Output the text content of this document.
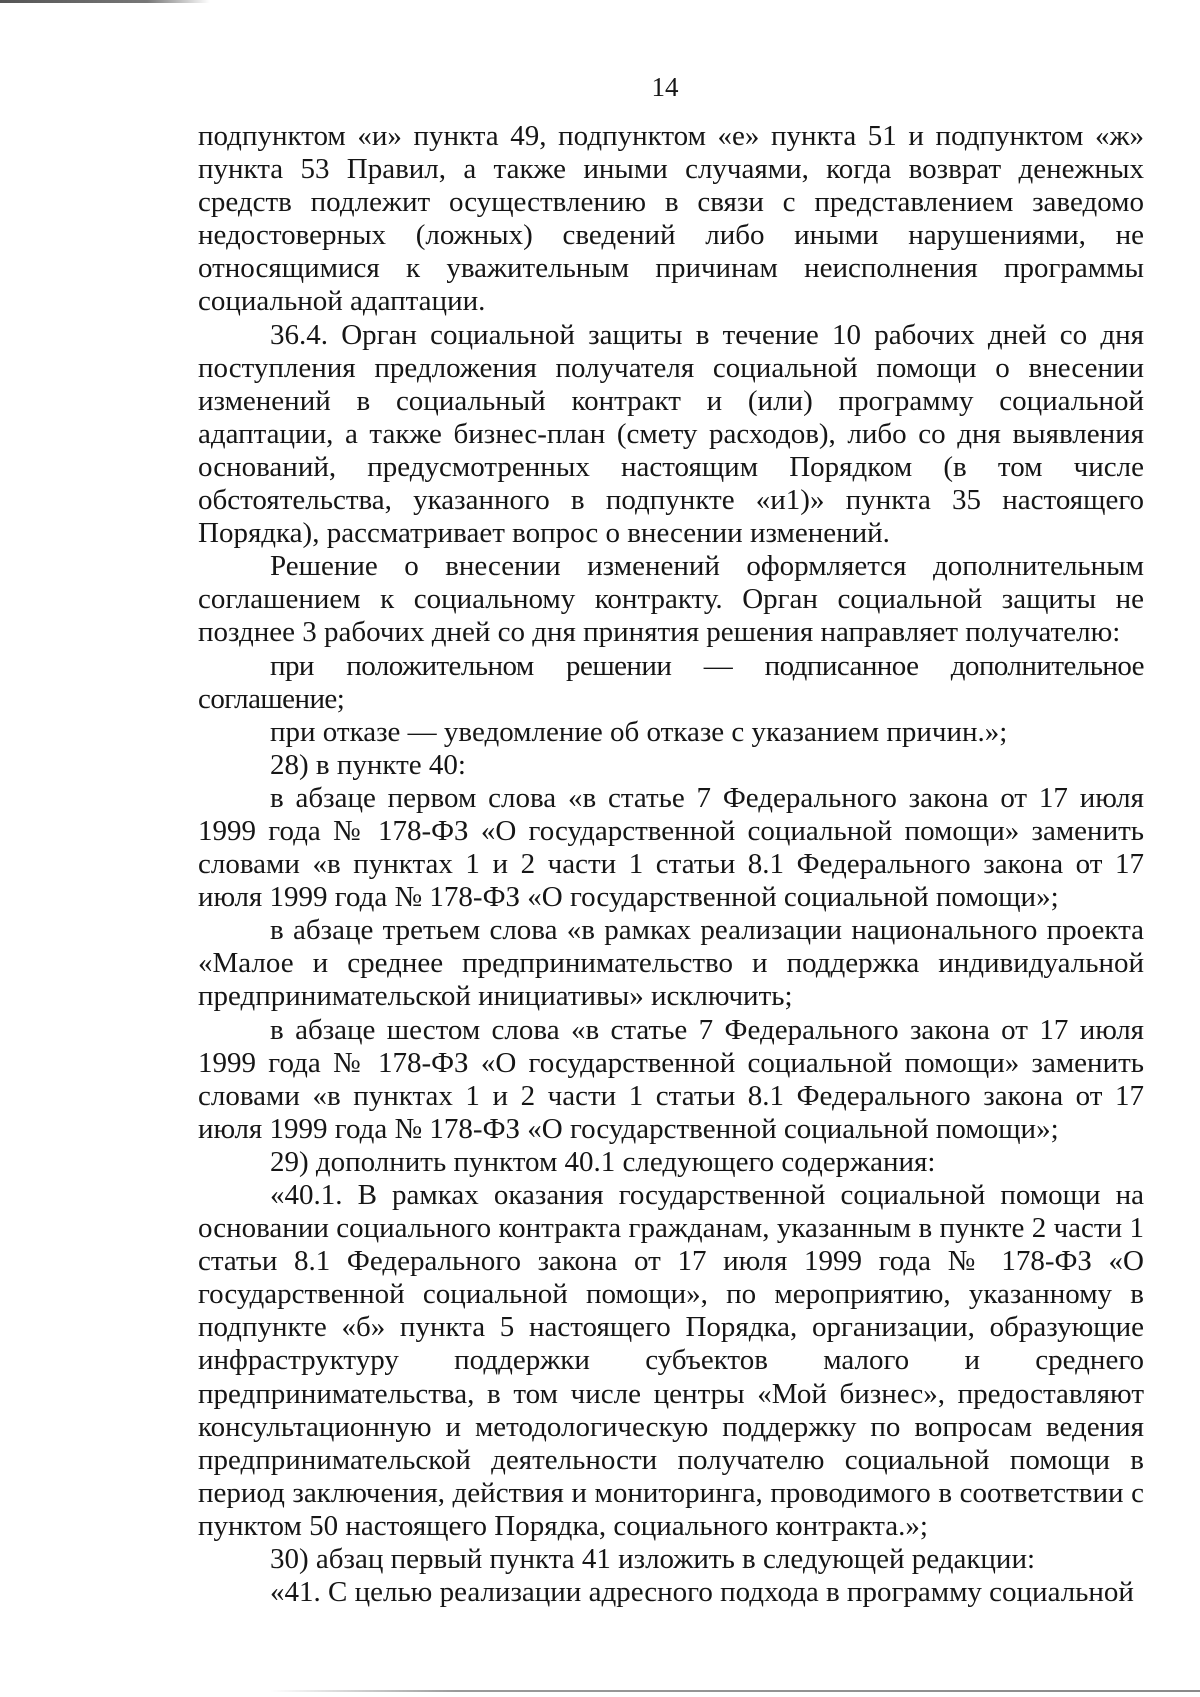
14

подпунктом «и» пункта 49, подпунктом «е» пункта 51 и подпунктом «ж» пункта 53 Правил, а также иными случаями, когда возврат денежных средств подлежит осуществлению в связи с представлением заведомо недостоверных (ложных) сведений либо иными нарушениями, не относящимися к уважительным причинам неисполнения программы социальной адаптации.

36.4. Орган социальной защиты в течение 10 рабочих дней со дня поступления предложения получателя социальной помощи о внесении изменений в социальный контракт и (или) программу социальной адаптации, а также бизнес-план (смету расходов), либо со дня выявления оснований, предусмотренных настоящим Порядком (в том числе обстоятельства, указанного в подпункте «и1)» пункта 35 настоящего Порядка), рассматривает вопрос о внесении изменений.

Решение о внесении изменений оформляется дополнительным соглашением к социальному контракту. Орган социальной защиты не позднее 3 рабочих дней со дня принятия решения направляет получателю:

при положительном решении — подписанное дополнительное соглашение;

при отказе — уведомление об отказе с указанием причин.»;

28) в пункте 40:

в абзаце первом слова «в статье 7 Федерального закона от 17 июля 1999 года № 178-ФЗ «О государственной социальной помощи» заменить словами «в пунктах 1 и 2 части 1 статьи 8.1 Федерального закона от 17 июля 1999 года № 178-ФЗ «О государственной социальной помощи»;

в абзаце третьем слова «в рамках реализации национального проекта «Малое и среднее предпринимательство и поддержка индивидуальной предпринимательской инициативы» исключить;

в абзаце шестом слова «в статье 7 Федерального закона от 17 июля 1999 года № 178-ФЗ «О государственной социальной помощи» заменить словами «в пунктах 1 и 2 части 1 статьи 8.1 Федерального закона от 17 июля 1999 года № 178-ФЗ «О государственной социальной помощи»;

29) дополнить пунктом 40.1 следующего содержания:

«40.1. В рамках оказания государственной социальной помощи на основании социального контракта гражданам, указанным в пункте 2 части 1 статьи 8.1 Федерального закона от 17 июля 1999 года № 178-ФЗ «О государственной социальной помощи», по мероприятию, указанному в подпункте «б» пункта 5 настоящего Порядка, организации, образующие инфраструктуру поддержки субъектов малого и среднего предпринимательства, в том числе центры «Мой бизнес», предоставляют консультационную и методологическую поддержку по вопросам ведения предпринимательской деятельности получателю социальной помощи в период заключения, действия и мониторинга, проводимого в соответствии с пунктом 50 настоящего Порядка, социального контракта.»;

30) абзац первый пункта 41 изложить в следующей редакции:

«41. С целью реализации адресного подхода в программу социальной
